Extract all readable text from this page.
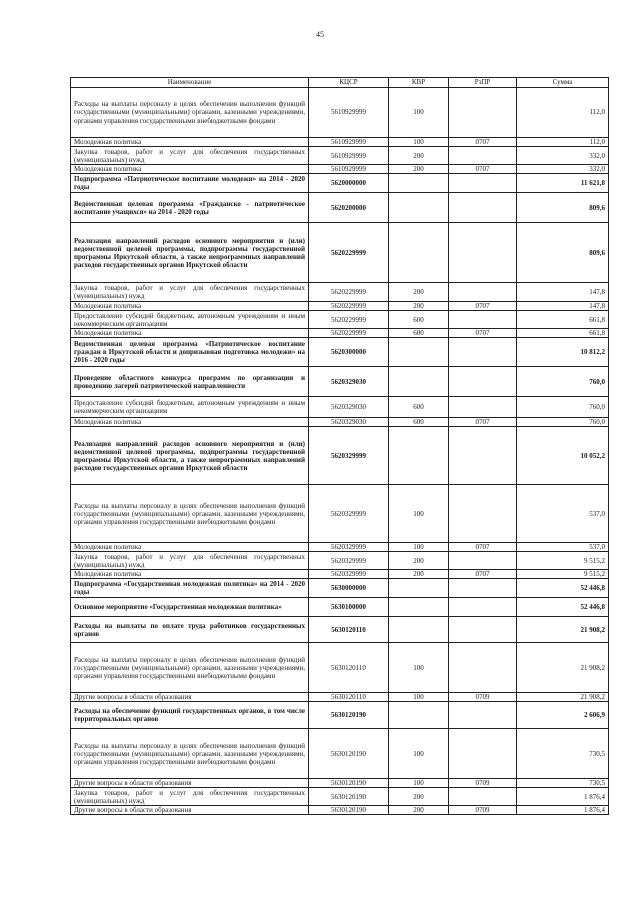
45
Наименование	КЦСР	КВР	РзПР	Сумма
Расходы на выплаты персоналу в целях обеспечения выполнения функций государственными (муниципальными) органами, казенными учреждениями, органами управления государственными внебюджетными фондами	5610929999	100		112,0
Молодежная политика	5610929999	100	0707	112,0
Закупка товаров, работ и услуг для обеспечения государственных (муниципальных) нужд	5610929999	200		332,0
Молодежная политика	5610929999	200	0707	332,0
Подпрограмма «Патриотическое воспитание молодежи» на 2014 - 2020 годы	5620000000			11 621,8
Ведомственная целевая программа «Гражданско - патриотическое воспитание учащихся» на 2014 - 2020 годы	5620200000			809,6
Реализация направлений расходов основного мероприятия и (или) ведомственной целевой программы, подпрограммы государственной программы Иркутской области, а также непрограммных направлений расходов государственных органов Иркутской области	5620229999			809,6
Закупка товаров, работ и услуг для обеспечения государственных (муниципальных) нужд	5620229999	200		147,8
Молодежная политика	5620229999	200	0707	147,8
Предоставление субсидий бюджетным, автономным учреждениям и иным некоммерческим организациям	5620229999	600		661,8
Молодежная политика	5620229999	600	0707	661,8
Ведомственная целевая программа «Патриотическое воспитание граждан в Иркутской области и допризывная подготовка молодежи» на 2016 - 2020 годы	5620300000			10 812,2
Проведение областного конкурса программ по организации и проведению лагерей патриотической направленности	5620329030			760,0
Предоставление субсидий бюджетным, автономным учреждениям и иным некоммерческим организациям	5620329030	600		760,0
Молодежная политика	5620329030	600	0707	760,0
Реализация направлений расходов основного мероприятия и (или) ведомственной целевой программы, подпрограммы государственной программы Иркутской области, а также непрограммных направлений расходов государственных органов Иркутской области	5620329999			10 052,2
Расходы на выплаты персоналу в целях обеспечения выполнения функций государственными (муниципальными) органами, казенными учреждениями, органами управления государственными внебюджетными фондами	5620329999	100		537,0
Молодежная политика	5620329999	100	0707	537,0
Закупка товаров, работ и услуг для обеспечения государственных (муниципальных) нужд	5620329999	200		9 515,2
Молодежная политика	5620329999	200	0707	9 515,2
Подпрограмма «Государственная молодежная политика» на 2014 - 2020 годы	5630000000			52 446,8
Основное мероприятие «Государственная молодежная политика»	5630100000			52 446,8
Расходы на выплаты по оплате труда работников государственных органов	5630120110			21 908,2
Расходы на выплаты персоналу в целях обеспечения выполнения функций государственными (муниципальными) органами, казенными учреждениями, органами управления государственными внебюджетными фондами	5630120110	100		21 908,2
Другие вопросы в области образования	5630120110	100	0709	21 908,2
Расходы на обеспечение функций государственных органов, в том числе территориальных органов	5630120190			2 606,9
Расходы на выплаты персоналу в целях обеспечения выполнения функций государственными (муниципальными) органами, казенными учреждениями, органами управления государственными внебюджетными фондами	5630120190	100		730,5
Другие вопросы в области образования	5630120190	100	0709	730,5
Закупка товаров, работ и услуг для обеспечения государственных (муниципальных) нужд	5630120190	200		1 876,4
Другие вопросы в области образования	5630120190	200	0709	1 876,4
